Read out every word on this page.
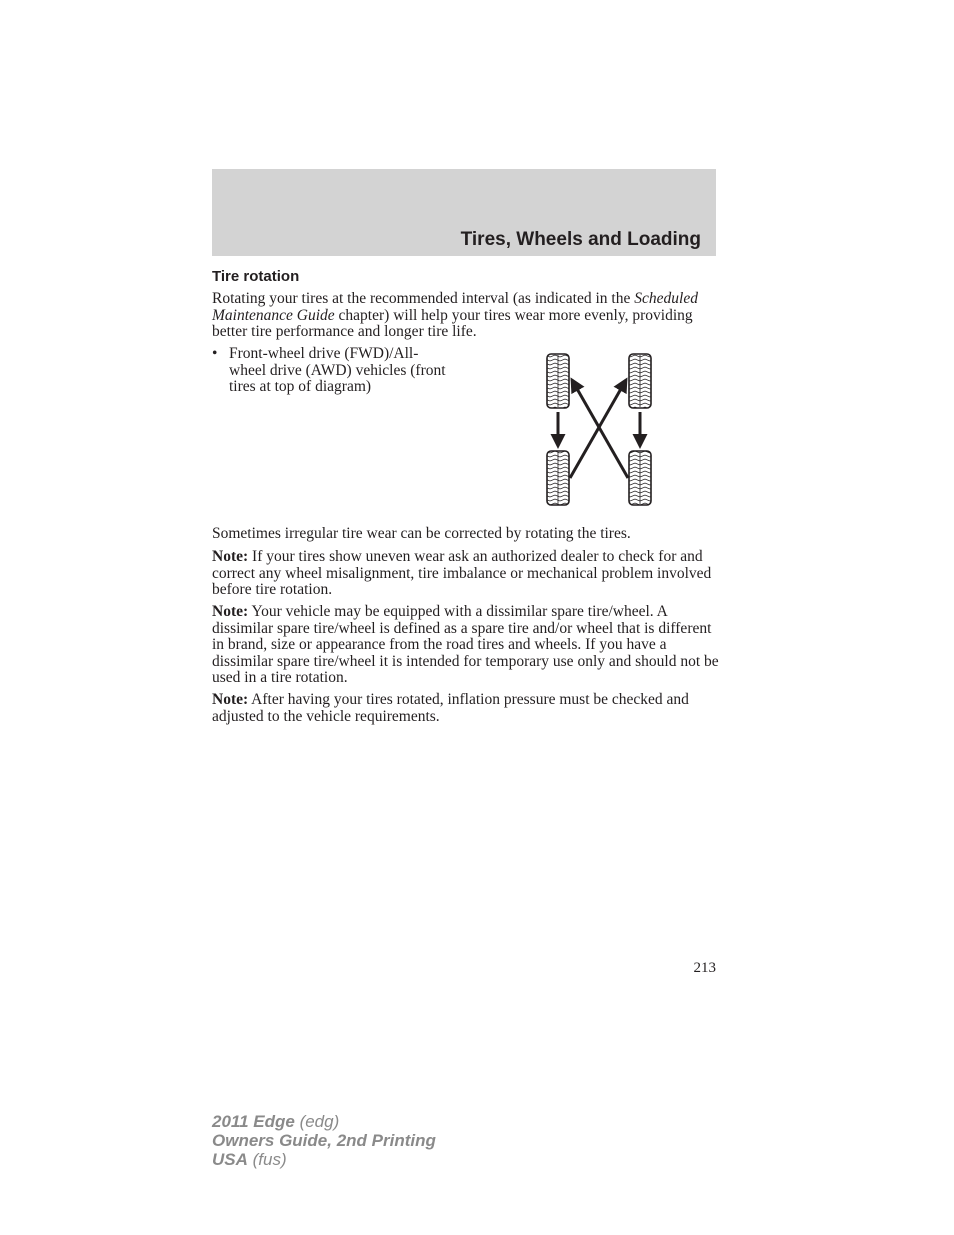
Tires, Wheels and Loading
Tire rotation

Rotating your tires at the recommended interval (as indicated in the Scheduled Maintenance Guide chapter) will help your tires wear more evenly, providing better tire performance and longer tire life.

• Front-wheel drive (FWD)/All-wheel drive (AWD) vehicles (front tires at top of diagram)

Sometimes irregular tire wear can be corrected by rotating the tires.

Note: If your tires show uneven wear ask an authorized dealer to check for and correct any wheel misalignment, tire imbalance or mechanical problem involved before tire rotation.

Note: Your vehicle may be equipped with a dissimilar spare tire/wheel. A dissimilar spare tire/wheel is defined as a spare tire and/or wheel that is different in brand, size or appearance from the road tires and wheels. If you have a dissimilar spare tire/wheel it is intended for temporary use only and should not be used in a tire rotation.

Note: After having your tires rotated, inflation pressure must be checked and adjusted to the vehicle requirements.

213

2011 Edge (edg)
Owners Guide, 2nd Printing
USA (fus)
